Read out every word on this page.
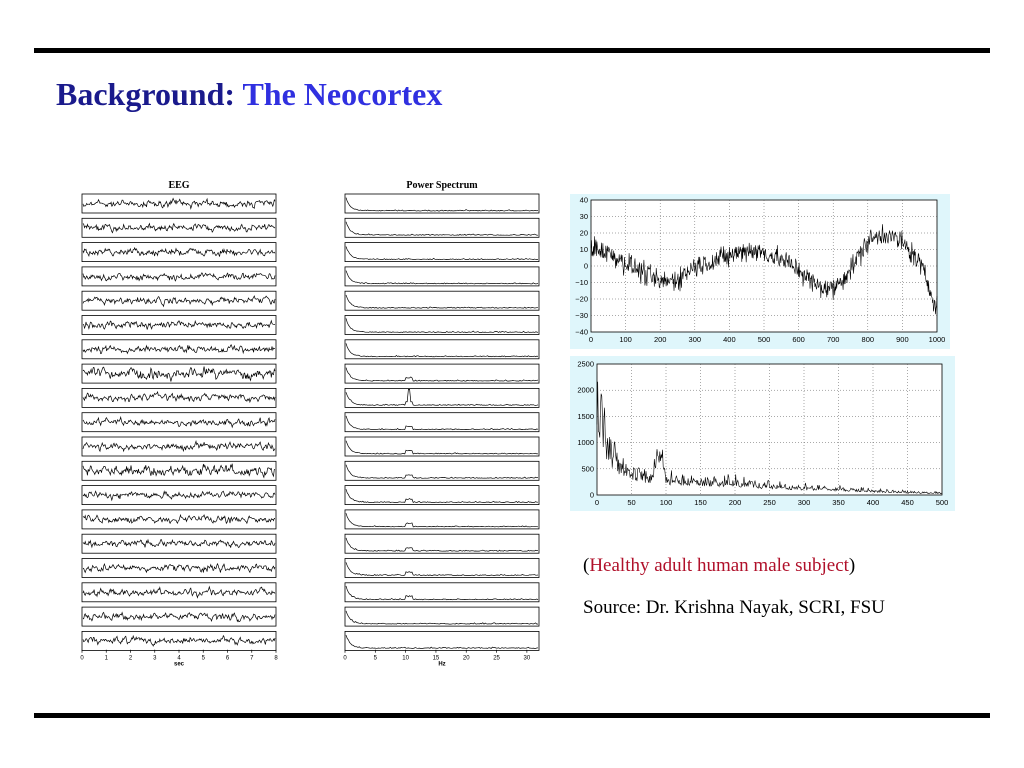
Background: The Neocortex
EEG
0	1	2	3	4	5	6	7	8
sec
Power Spectrum
0	5	10	15	20	25	30
Hz
0	100	200	300	400	500	600	700	800	900	1000
40
30
20
10
0
−10
−20
−30
−40
0	50	100	150	200	250	300	350	400	450	500
2500
2000
1500
1000
500
0
(Healthy adult human male subject)
Source: Dr. Krishna Nayak, SCRI, FSU
